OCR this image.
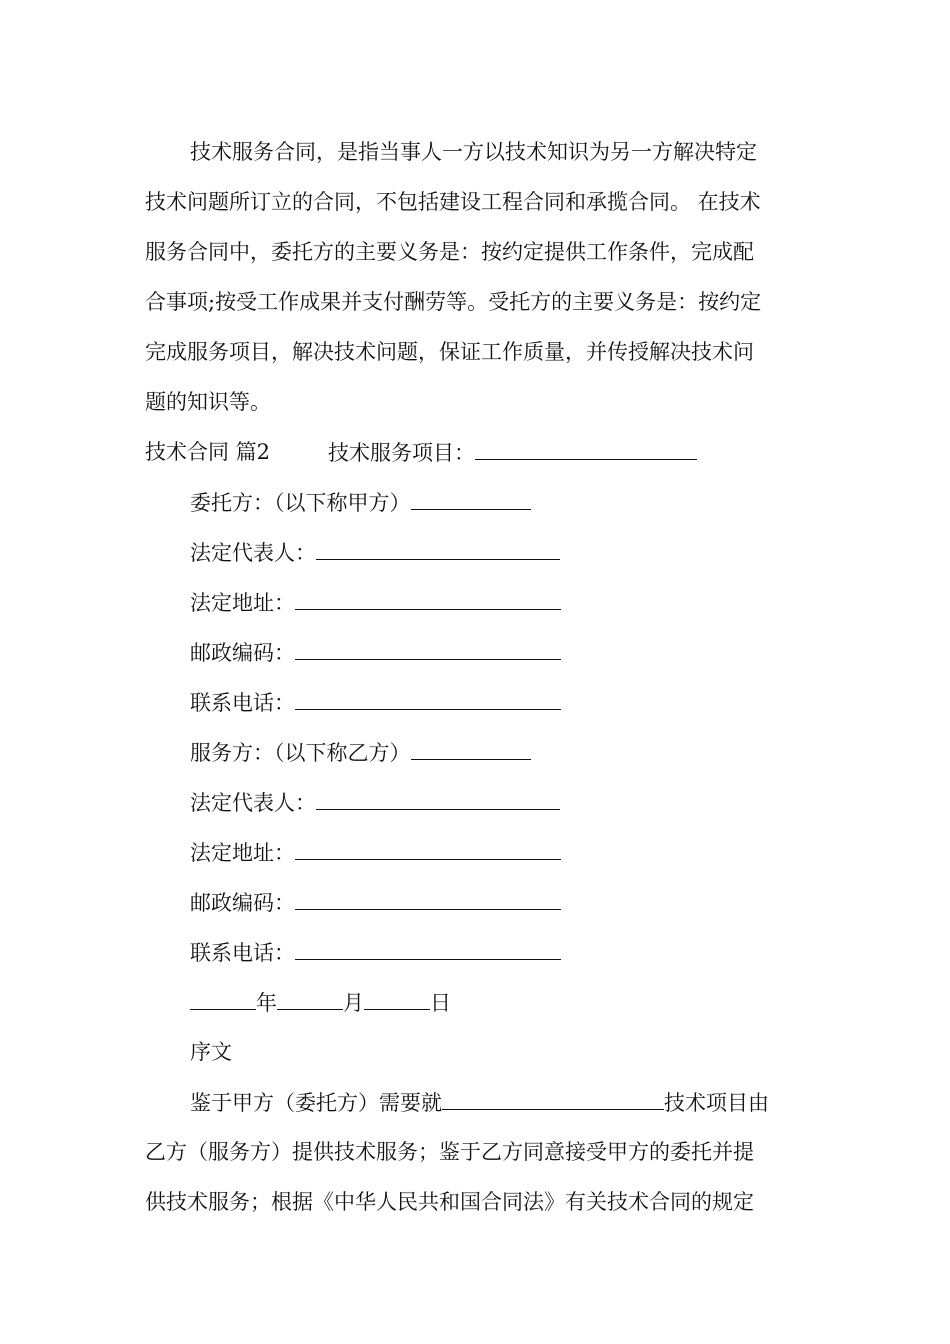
技术服务合同，是指当事人一方以技术知识为另一方解决特定
技术问题所订立的合同，不包括建设工程合同和承揽合同。 在技术
服务合同中，委托方的主要义务是：按约定提供工作条件，完成配
合事项;按受工作成果并支付酬劳等。受托方的主要义务是：按约定
完成服务项目，解决技术问题，保证工作质量，并传授解决技术问
题的知识等。
技术合同 篇2	技术服务项目：
委托方：（以下称甲方）
法定代表人：
法定地址：
邮政编码：
联系电话：
服务方：（以下称乙方）
法定代表人：
法定地址：
邮政编码：
联系电话：
年	月	日
序文
鉴于甲方（委托方）需要就	技术项目由
乙方（服务方）提供技术服务；鉴于乙方同意接受甲方的委托并提
供技术服务；根据《中华人民共和国合同法》有关技术合同的规定
